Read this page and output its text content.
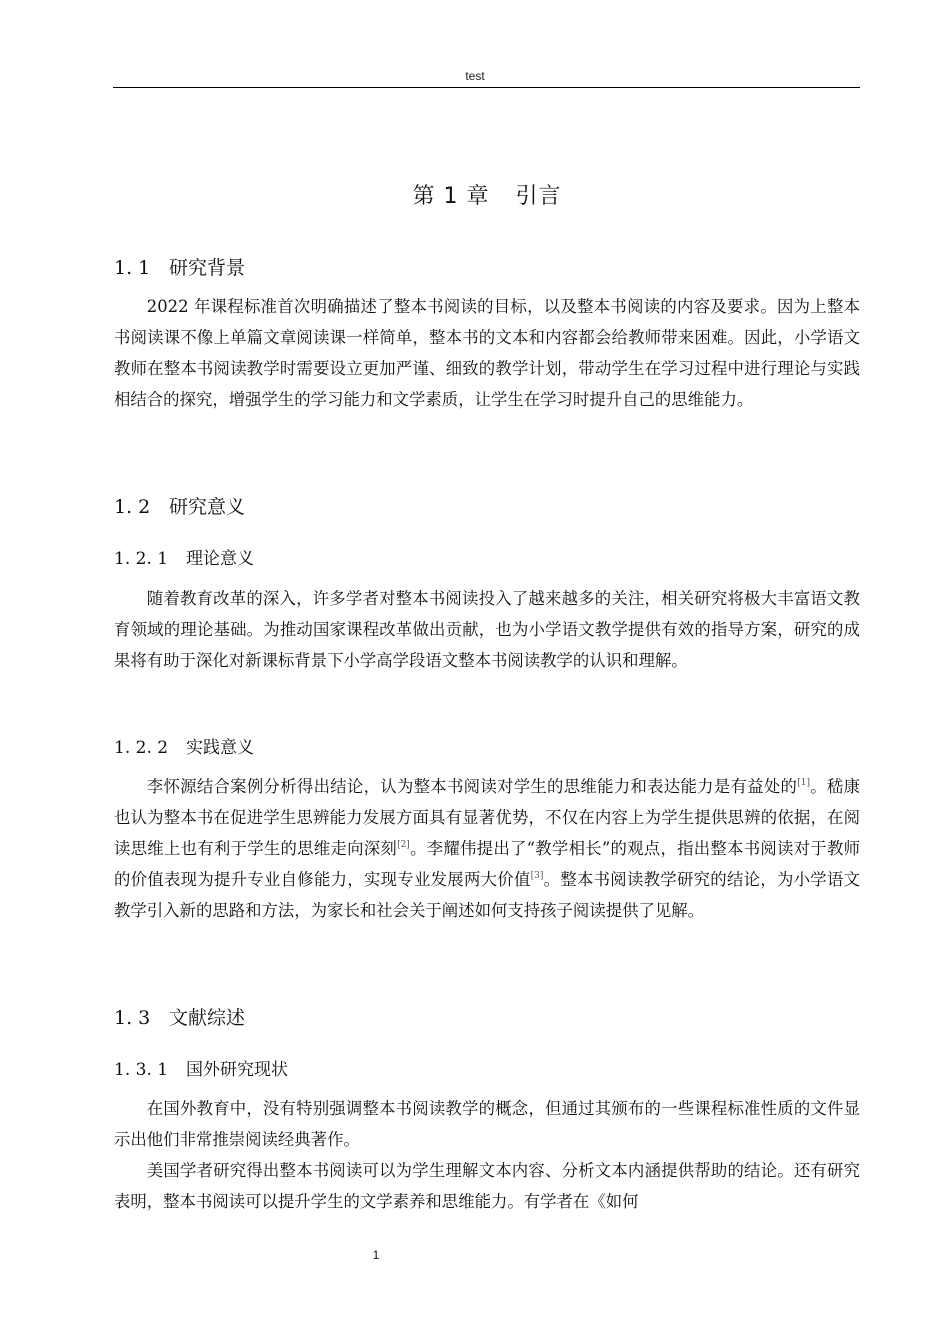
test
第 1 章 引言
1. 1 研究背景

2022 年课程标准首次明确描述了整本书阅读的目标，以及整本书阅读的内容及要求。因为上整本书阅读课不像上单篇文章阅读课一样简单，整本书的文本和内容都会给教师带来困难。因此，小学语文教师在整本书阅读教学时需要设立更加严谨、细致的教学计划，带动学生在学习过程中进行理论与实践相结合的探究，增强学生的学习能力和文学素质，让学生在学习时提升自己的思维能力。

1. 2 研究意义
1. 2. 1 理论意义

随着教育改革的深入，许多学者对整本书阅读投入了越来越多的关注，相关研究将极大丰富语文教育领域的理论基础。为推动国家课程改革做出贡献，也为小学语文教学提供有效的指导方案，研究的成果将有助于深化对新课标背景下小学高学段语文整本书阅读教学的认识和理解。

1. 2. 2 实践意义

李怀源结合案例分析得出结论，认为整本书阅读对学生的思维能力和表达能力是有益处的[1]。嵇康也认为整本书在促进学生思辨能力发展方面具有显著优势，不仅在内容上为学生提供思辨的依据，在阅读思维上也有利于学生的思维走向深刻[2]。李耀伟提出了“教学相长”的观点，指出整本书阅读对于教师的价值表现为提升专业自修能力，实现专业发展两大价值[3]。整本书阅读教学研究的结论，为小学语文教学引入新的思路和方法，为家长和社会关于阐述如何支持孩子阅读提供了见解。

1. 3 文献综述
1. 3. 1 国外研究现状

在国外教育中，没有特别强调整本书阅读教学的概念，但通过其颁布的一些课程标准性质的文件显示出他们非常推崇阅读经典著作。

美国学者研究得出整本书阅读可以为学生理解文本内容、分析文本内涵提供帮助的结论。还有研究表明，整本书阅读可以提升学生的文学素养和思维能力。有学者在《如何

1
